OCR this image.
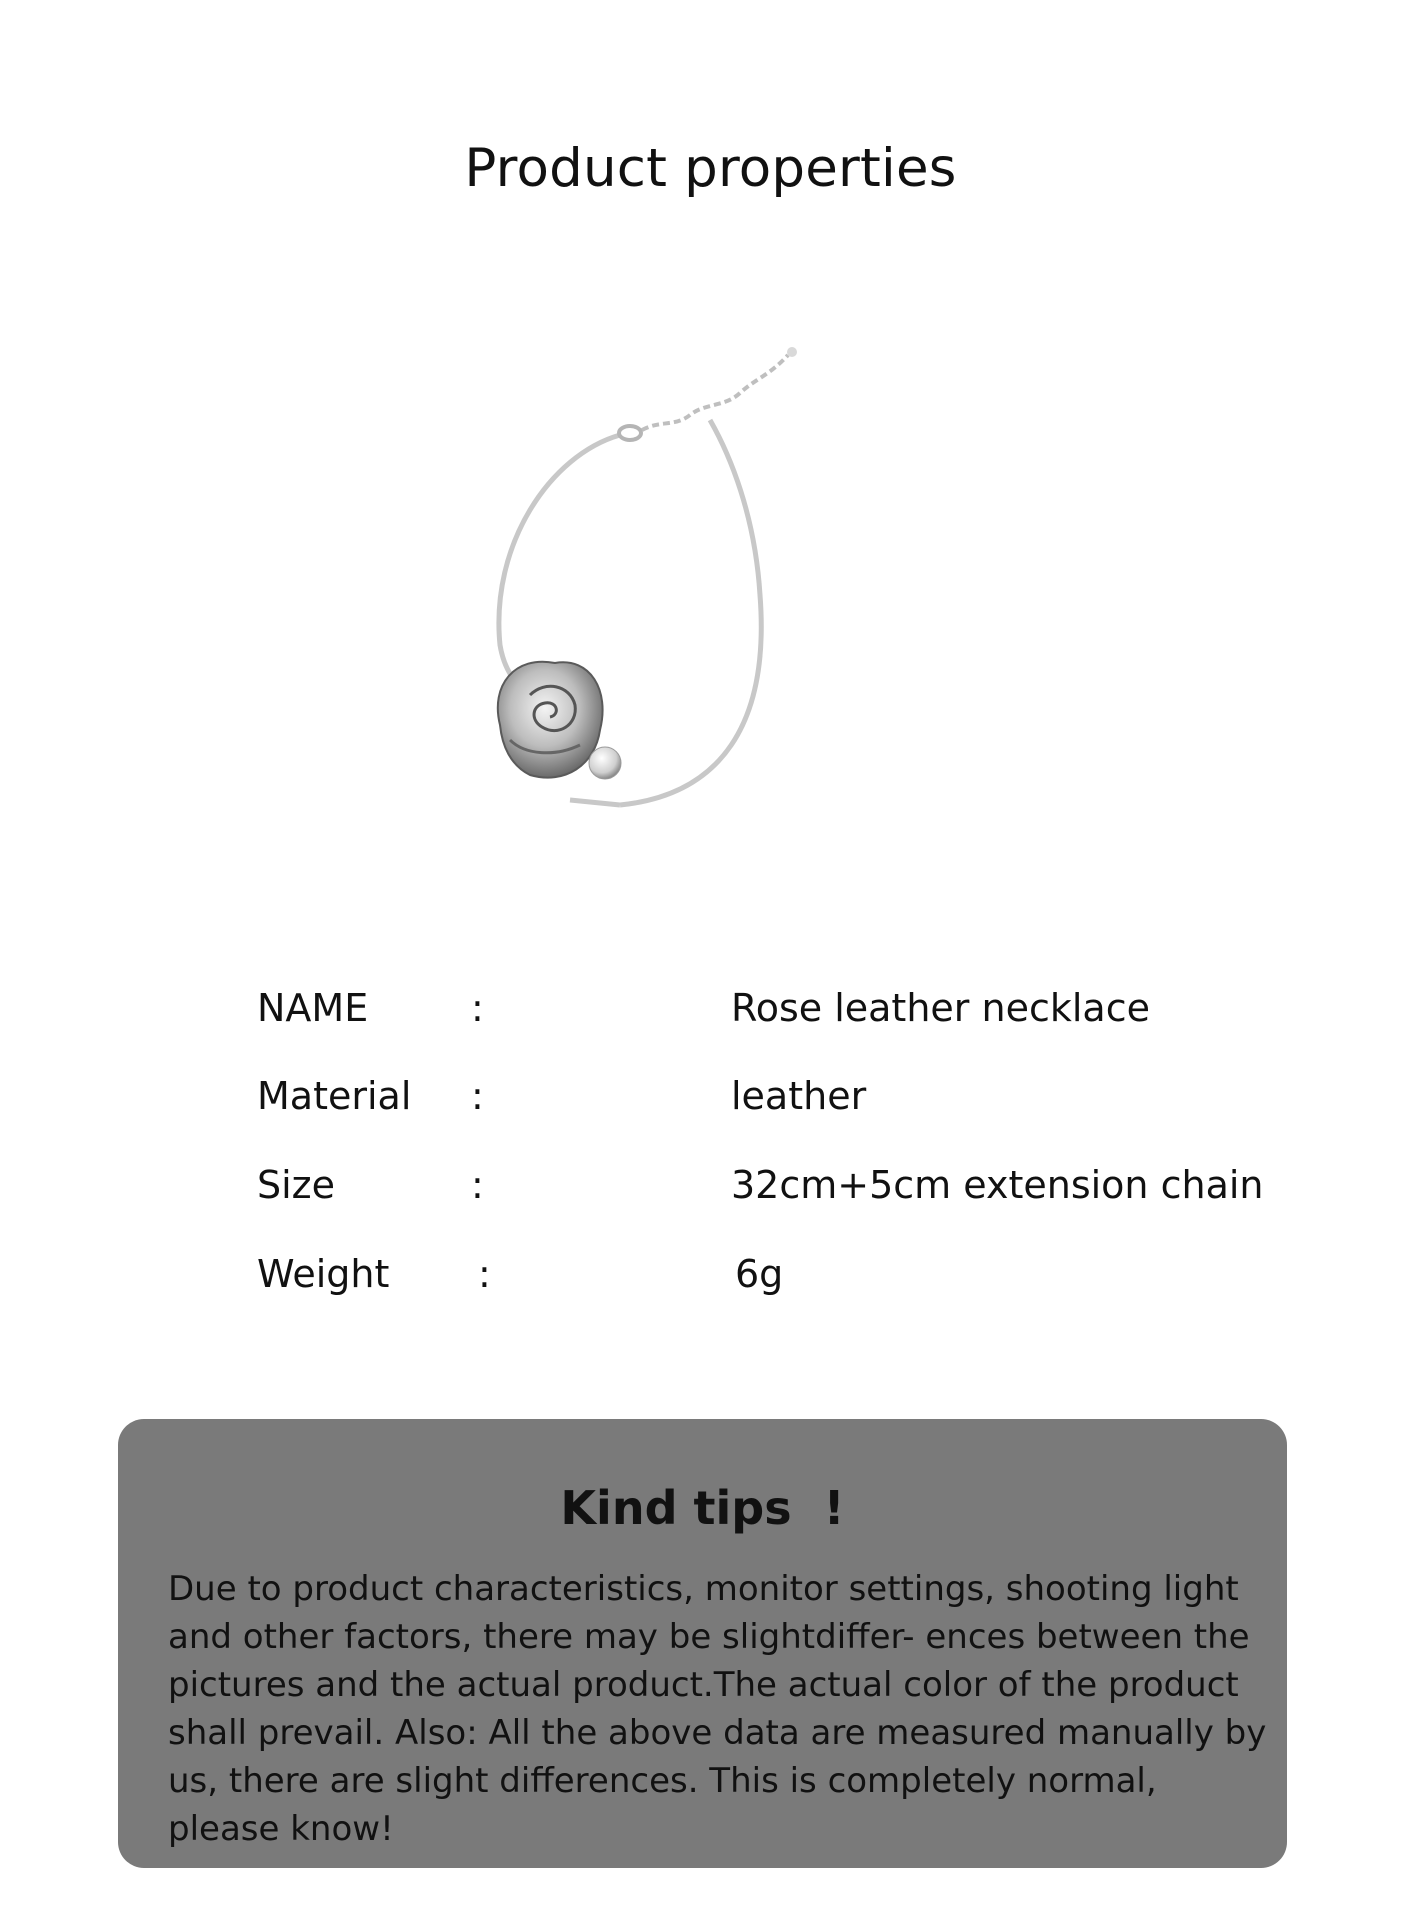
Product properties
NAME	:	Rose leather necklace
Material :	leather
Size	:	32cm+5cm extension chain
Weight :	6g
Kind tips  !
Due to product characteristics, monitor settings, shooting light and other factors, there may be slightdiffer- ences between the pictures and the actual product.The actual color of the product shall prevail. Also: All the above data are measured manually by us, there are slight differences. This is completely normal, please know!
